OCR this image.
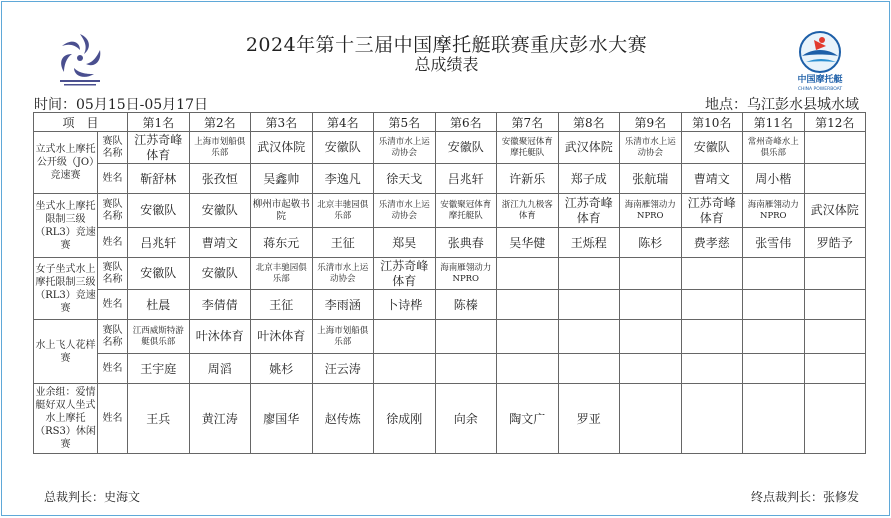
中国摩托艇
CHINA POWERBOAT
2024年第十三届中国摩托艇联赛重庆彭水大赛
总成绩表
时间：05月15日-05月17日	地点：乌江彭水县城水域
项　目		第1名	第2名	第3名	第4名	第5名	第6名	第7名	第8名	第9名	第10名	第11名	第12名
立式水上摩托公开级（JO）竞速赛	赛队名称	江苏奇峰体育	上海市划船俱乐部	武汉体院	安徽队	乐清市水上运动协会	安徽队	安徽聚冠体育摩托艇队	武汉体院	乐清市水上运动协会	安徽队	常州奇峰水上俱乐部	
	姓名	靳舒林	张孜恒	吴鑫帅	李逸凡	徐天戈	吕兆轩	许新乐	郑子成	张航瑞	曹靖文	周小楷	
坐式水上摩托限制三级（RL3）竞速赛	赛队名称	安徽队	安徽队	柳州市起敬书院	北京丰驰园俱乐部	乐清市水上运动协会	安徽聚冠体育摩托艇队	浙江九九极客体育	江苏奇峰体育	海南雁翎动力NPRO	江苏奇峰体育	海南雁翎动力NPRO	武汉体院
	姓名	吕兆轩	曹靖文	蒋东元	王征	郑昊	张典春	吴华健	王烁程	陈杉	费孝慈	张雪伟	罗皓予
女子坐式水上摩托限制三级（RL3）竞速赛	赛队名称	安徽队	安徽队	北京丰驰园俱乐部	乐清市水上运动协会	江苏奇峰体育	海南雁翎动力NPRO						
	姓名	杜晨	李倩倩	王征	李雨涵	卜诗桦	陈榛						
水上飞人花样赛	赛队名称	江西威斯特游艇俱乐部	叶沐体育	叶沐体育	上海市划船俱乐部								
	姓名	王宇庭	周滔	姚杉	汪云涛								
业余组：爱情艇好双人坐式水上摩托（RS3）休闲赛	姓名	王兵	黄江涛	廖国华	赵传炼	徐成刚	向余	陶文广	罗亚				
总裁判长：史海文	终点裁判长：张修发
